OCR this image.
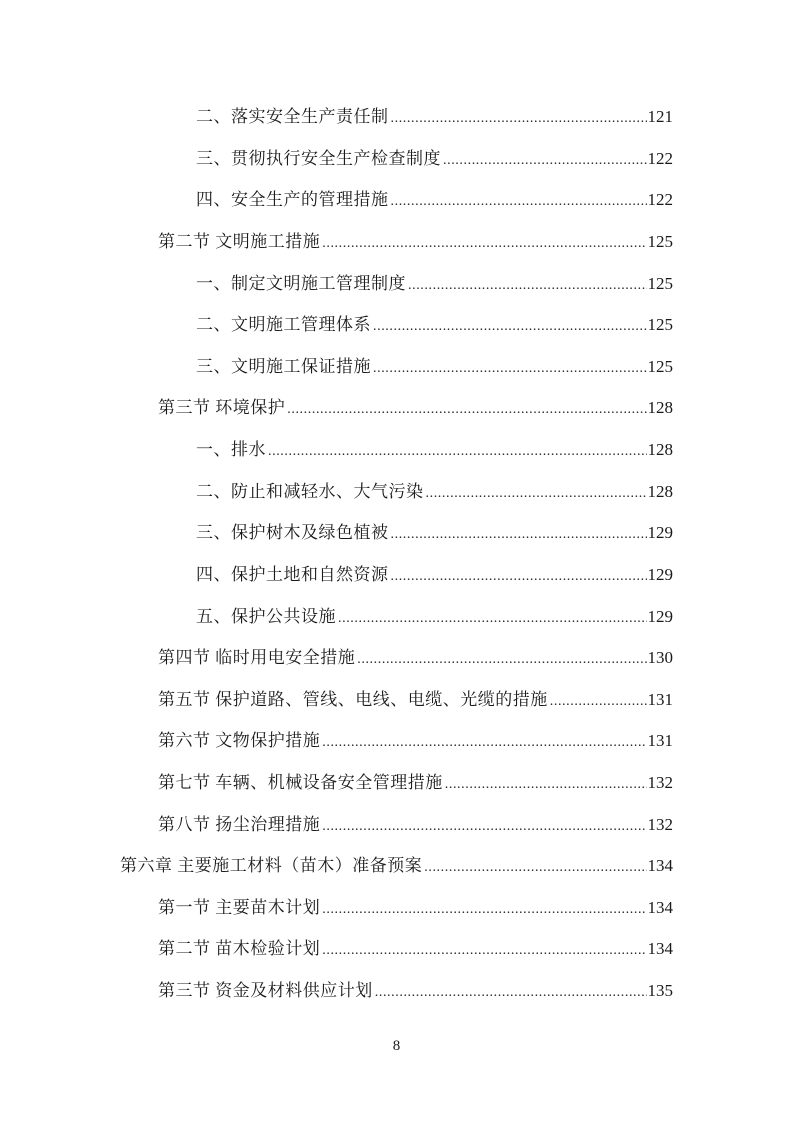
二、落实安全生产责任制 .....	121
三、贯彻执行安全生产检查制度 .....	122
四、安全生产的管理措施 .....	122
第二节 文明施工措施 .....	125
一、制定文明施工管理制度 .....	125
二、文明施工管理体系 .....	125
三、文明施工保证措施 .....	125
第三节 环境保护 .....	128
一、排水 .....	128
二、防止和减轻水、大气污染 .....	128
三、保护树木及绿色植被 .....	129
四、保护土地和自然资源 .....	129
五、保护公共设施 .....	129
第四节 临时用电安全措施 .....	130
第五节 保护道路、管线、电线、电缆、光缆的措施 .....	131
第六节 文物保护措施 .....	131
第七节 车辆、机械设备安全管理措施 .....	132
第八节 扬尘治理措施 .....	132
第六章 主要施工材料（苗木）准备预案 .....	134
第一节 主要苗木计划 .....	134
第二节 苗木检验计划 .....	134
第三节 资金及材料供应计划 .....	135
8
